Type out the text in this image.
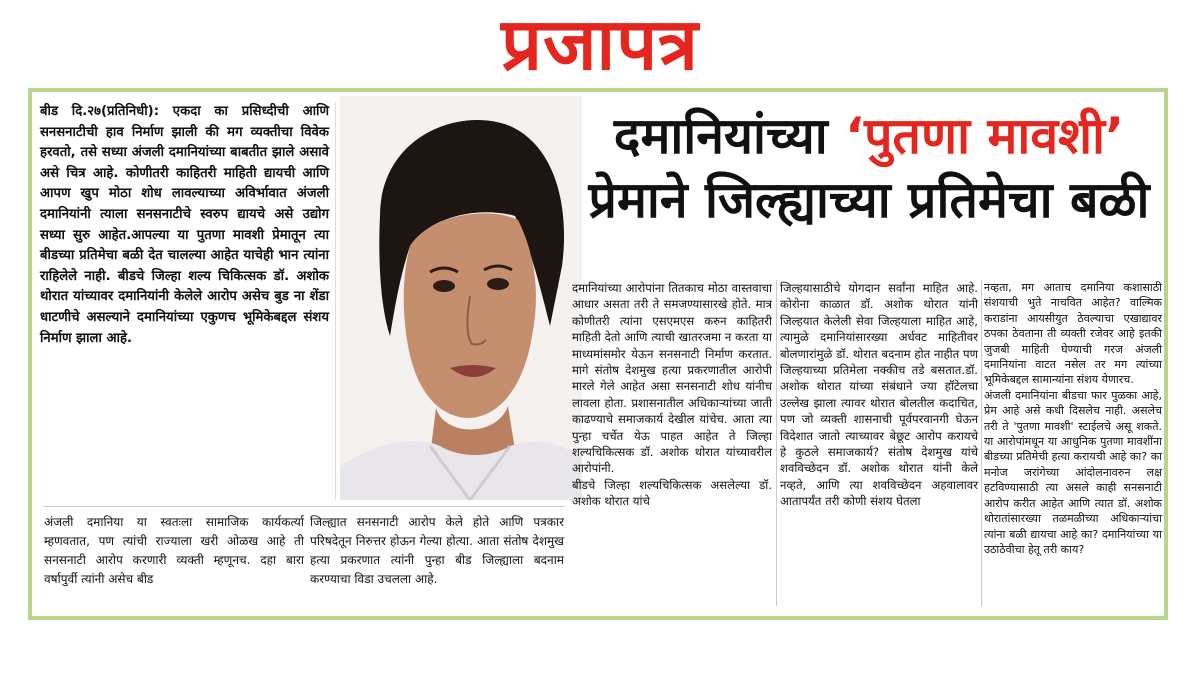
प्रजापत्र

बीड दि.२७(प्रतिनिधी): एकदा का प्रसिध्दीची आणि सनसनाटीची हाव निर्माण झाली की मग व्यक्तीचा विवेक हरवतो, तसे सध्या अंजली दमानियांच्या बाबतीत झाले असावे असे चित्र आहे. कोणीतरी काहितरी माहिती द्यायची आणि आपण खुप मोठा शोध लावल्याच्या अविर्भावात अंजली दमानियांनी त्याला सनसनाटीचे स्वरुप द्यायचे असे उद्योग सध्या सुरु आहेत.आपल्या या पुतणा मावशी प्रेमातून त्या बीडच्या प्रतिमेचा बळी देत चालल्या आहेत याचेही भान त्यांना राहिलेले नाही. बीडचे जिल्हा शल्य चिकित्सक डॉ. अशोक थोरात यांच्यावर दमानियांनी केलेले आरोप असेच बुड ना शेंडा धाटणीचे असल्याने दमानियांच्या एकुणच भूमिकेबद्दल संशय निर्माण झाला आहे.

दमानियांच्या ‘पुतणा मावशी’
प्रेमाने जिल्ह्याच्या प्रतिमेचा बळी

दमानियांच्या आरोपांना तितकाच मोठा वास्तवाचा आधार असता तरी ते समजण्यासारखे होते. मात्र कोणीतरी त्यांना एसएमएस करुन काहितरी माहिती देतो आणि त्याची खातरजमा न करता या माध्यमांसमोर येऊन सनसनाटी निर्माण करतात. मागे संतोष देशमुख हत्या प्रकरणातील आरोपी मारले गेले आहेत असा सनसनाटी शोध यांनीच लावला होता. प्रशासनातील अधिकाऱ्यांच्या जाती काढण्याचे समाजकार्य देखील यांचेच. आता त्या पुन्हा चर्चेत येऊ पाहत आहेत ते जिल्हा शल्यचिकित्सक डॉ. अशोक थोरात यांच्यावरील आरोपांनी.

बीडचे जिल्हा शल्यचिकित्सक असलेल्या डॉ. अशोक थोरात यांचे

जिल्हयासाठीचे योगदान सर्वांना माहित आहे. कोरोना काळात डॉ. अशोक थोरात यांनी जिल्हयात केलेली सेवा जिल्हयाला माहित आहे, त्यामुळे दमानियांसारख्या अर्धवट माहितीवर बोलणारांमुळे डॉ. थोरात बदनाम होत नाहीत पण जिल्हयाच्या प्रतिमेला नक्कीच तडे बसतात.डॉ. अशोक थोरात यांच्या संबंधाने ज्या हॉटेलचा उल्लेख झाला त्यावर थोरात बोलतील कदाचित, पण जो व्यक्ती शासनाची पूर्वपरवानगी घेऊन विदेशात जातो त्याच्यावर बेछूट आरोप करायचे हे कुठले समाजकार्य? संतोष देशमुख यांचे शवविच्छेदन डॉ. अशोक थोरात यांनी केले नव्हते, आणि त्या शवविच्छेदन अहवालावर आतापर्यंत तरी कोणी संशय घेतला

नव्हता, मग आताच दमानिया कशासाठी संशयाची भुते नाचवित आहेत? वाल्मिक कराडांना आयसीयुत ठेवल्याचा एखाद्यावर ठपका ठेवताना ती व्यक्ती रजेवर आहे इतकी जुजबी माहिती घेण्याची गरज अंजली दमानियांना वाटत नसेल तर मग त्यांच्या भूमिकेबद्दल सामान्यांना संशय येणारच.

अंजली दमानियांना बीडचा फार पुळका आहे, प्रेम आहे असे कधी दिसलेच नाही. असलेच तरी ते 'पुतणा मावशी' स्टाईलचे असू शकते. या आरोपांमधून या आधुनिक पुतणा मावशींना बीडच्या प्रतिमेची हत्या करायची आहे का? का मनोज जरांगेच्या आंदोलनावरुन लक्ष हटविण्यासाठी त्या असले काही सनसनाटी आरोप करीत आहेत आणि त्यात डॉ. अशोक थोरातांसारख्या तळमळीच्या अधिकाऱ्यांचा त्यांना बळी द्यायचा आहे का? दमानियांच्या या उठाठेवीचा हेतू तरी काय?

अंजली दमानिया या स्वतःला सामाजिक कार्यकर्त्या म्हणवतात, पण त्यांची राज्याला खरी ओळख आहे ती सनसनाटी आरोप करणारी व्यक्ती म्हणूनच. दहा बारा वर्षापुर्वी त्यांनी असेच बीड

जिल्ह्यात सनसनाटी आरोप केले होते आणि पत्रकार परिषदेतून निरुत्तर होऊन गेल्या होत्या. आता संतोष देशमुख हत्या प्रकरणात त्यांनी पुन्हा बीड जिल्ह्याला बदनाम करण्याचा विडा उचलला आहे.
